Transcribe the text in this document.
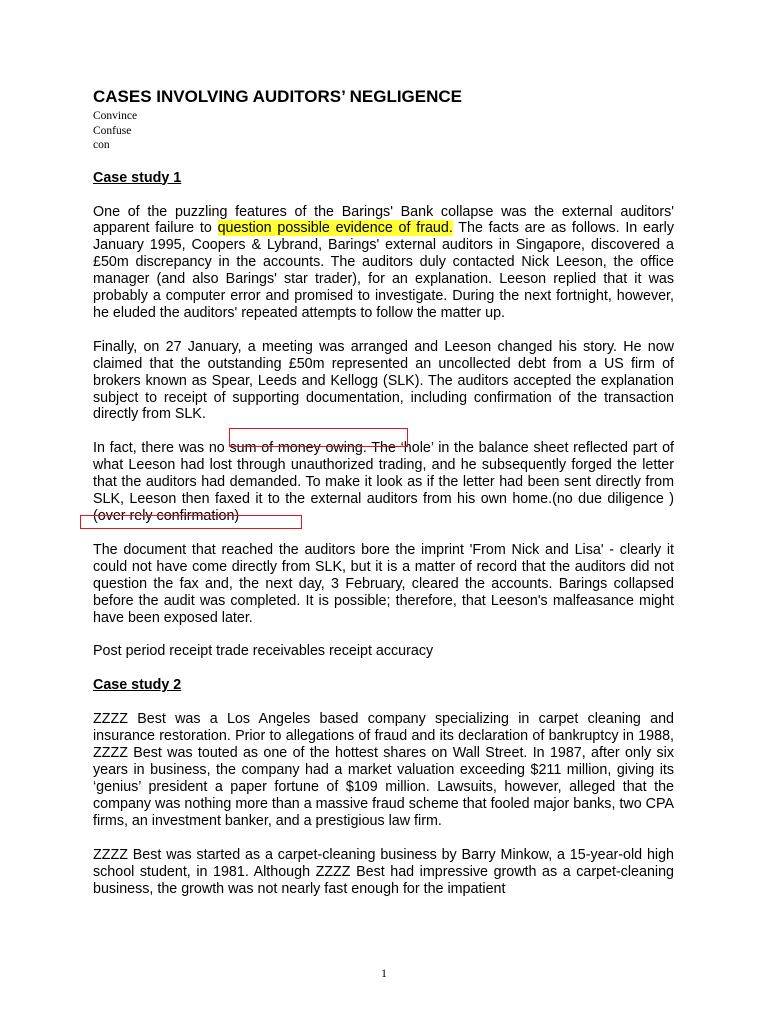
CASES INVOLVING AUDITORS’ NEGLIGENCE
Convince
Confuse
con
Case study 1

One of the puzzling features of the Barings' Bank collapse was the external auditors' apparent failure to question possible evidence of fraud. The facts are as follows. In early January 1995, Coopers & Lybrand, Barings' external auditors in Singapore, discovered a £50m discrepancy in the accounts. The auditors duly contacted Nick Leeson, the office manager (and also Barings' star trader), for an explanation. Leeson replied that it was probably a computer error and promised to investigate. During the next fortnight, however, he eluded the auditors' repeated attempts to follow the matter up.

Finally, on 27 January, a meeting was arranged and Leeson changed his story. He now claimed that the outstanding £50m represented an uncollected debt from a US firm of brokers known as Spear, Leeds and Kellogg (SLK). The auditors accepted the explanation subject to receipt of supporting documentation, including confirmation of the transaction directly from SLK.

In fact, there was no sum of money owing. The ‘hole’ in the balance sheet reflected part of what Leeson had lost through unauthorized trading, and he subsequently forged the letter that the auditors had demanded. To make it look as if the letter had been sent directly from SLK, Leeson then faxed it to the external auditors from his own home.(no due diligence ) (over rely confirmation)

The document that reached the auditors bore the imprint 'From Nick and Lisa' - clearly it could not have come directly from SLK, but it is a matter of record that the auditors did not question the fax and, the next day, 3 February, cleared the accounts. Barings collapsed before the audit was completed. It is possible; therefore, that Leeson's malfeasance might have been exposed later.

Post period receipt trade receivables receipt accuracy

Case study 2

ZZZZ Best was a Los Angeles based company specializing in carpet cleaning and insurance restoration. Prior to allegations of fraud and its declaration of bankruptcy in 1988, ZZZZ Best was touted as one of the hottest shares on Wall Street. In 1987, after only six years in business, the company had a market valuation exceeding $211 million, giving its ‘genius’ president a paper fortune of $109 million. Lawsuits, however, alleged that the company was nothing more than a massive fraud scheme that fooled major banks, two CPA firms, an investment banker, and a prestigious law firm.

ZZZZ Best was started as a carpet-cleaning business by Barry Minkow, a 15-year-old high school student, in 1981. Although ZZZZ Best had impressive growth as a carpet-cleaning business, the growth was not nearly fast enough for the impatient

1
